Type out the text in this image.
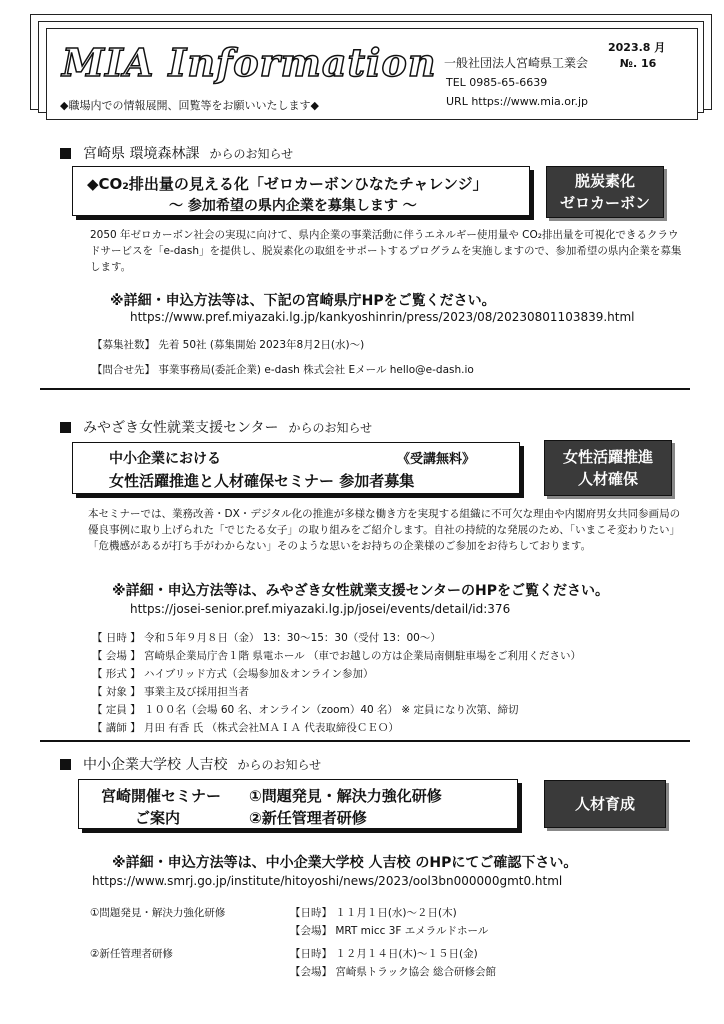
MIA Information
◆職場内での情報展開、回覧等をお願いいたします◆
一般社団法人宮崎県工業会
TEL 0985-65-6639
URL https://www.mia.or.jp
2023.8 月
№. 16
宮崎県 環境森林課 からのお知らせ
◆CO₂排出量の見える化「ゼロカーボンひなたチャレンジ」
～ 参加希望の県内企業を募集します ～
脱炭素化
ゼロカーボン
2050 年ゼロカーボン社会の実現に向けて、県内企業の事業活動に伴うエネルギー使用量や CO₂排出量を可視化できるクラウドサービスを「e-dash」を提供し、脱炭素化の取組をサポートするプログラムを実施しますので、参加希望の県内企業を募集します。
※詳細・申込方法等は、下記の宮崎県庁HPをご覧ください。
https://www.pref.miyazaki.lg.jp/kankyoshinrin/press/2023/08/20230801103839.html
【募集社数】 先着 50社 (募集開始 2023年8月2日(水)～)
【問合せ先】 事業事務局(委託企業) e-dash 株式会社 Eメール hello@e-dash.io
みやざき女性就業支援センター からのお知らせ
中小企業における	《受講無料》
女性活躍推進と人材確保セミナー 参加者募集
女性活躍推進
人材確保
本セミナーでは、業務改善・DX・デジタル化の推進が多様な働き方を実現する組織に不可欠な理由や内閣府男女共同参画局の優良事例に取り上げられた「でじたる女子」の取り組みをご紹介します。自社の持続的な発展のため、「いまこそ変わりたい」「危機感があるが打ち手がわからない」そのような思いをお持ちの企業様のご参加をお待ちしております。
※詳細・申込方法等は、みやざき女性就業支援センターのHPをご覧ください。
https://josei-senior.pref.miyazaki.lg.jp/josei/events/detail/id:376
【 日時 】 令和５年９月８日（金） 13：30～15：30（受付 13：00～）
【 会場 】 宮崎県企業局庁舎１階 県電ホール （車でお越しの方は企業局南側駐車場をご利用ください）
【 形式 】 ハイブリッド方式（会場参加＆オンライン参加）
【 対象 】 事業主及び採用担当者
【 定員 】 １００名（会場 60 名、オンライン（zoom）40 名） ※ 定員になり次第、締切
【 講師 】 月田 有香 氏 （株式会社ＭＡＩＡ 代表取締役ＣＥＯ）
中小企業大学校 人吉校 からのお知らせ
宮崎開催セミナー
ご案内
①問題発見・解決力強化研修
②新任管理者研修
人材育成
※詳細・申込方法等は、中小企業大学校 人吉校 のHPにてご確認下さい。
https://www.smrj.go.jp/institute/hitoyoshi/news/2023/ool3bn000000gmt0.html
①問題発見・解決力強化研修	【日時】 １１月１日(水)～２日(木)
【会場】 MRT micc 3F エメラルドホール
②新任管理者研修	【日時】 １２月１４日(木)～１５日(金)
【会場】 宮崎県トラック協会 総合研修会館
